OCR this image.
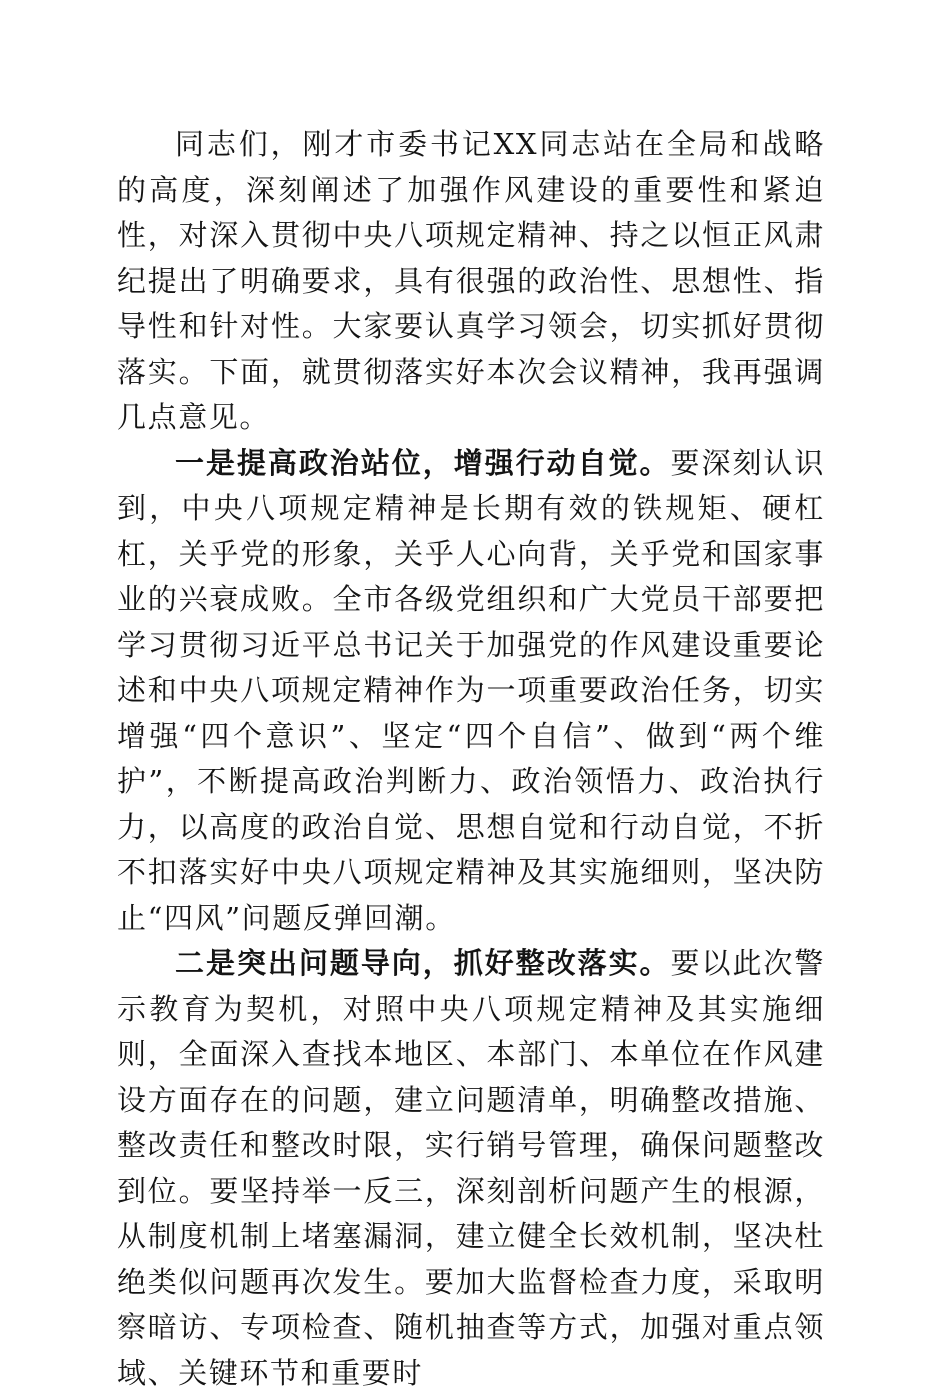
同志们，刚才市委书记XX同志站在全局和战略的高度，深刻阐述了加强作风建设的重要性和紧迫性，对深入贯彻中央八项规定精神、持之以恒正风肃纪提出了明确要求，具有很强的政治性、思想性、指导性和针对性。大家要认真学习领会，切实抓好贯彻落实。下面，就贯彻落实好本次会议精神，我再强调几点意见。

一是提高政治站位，增强行动自觉。要深刻认识到，中央八项规定精神是长期有效的铁规矩、硬杠杠，关乎党的形象，关乎人心向背，关乎党和国家事业的兴衰成败。全市各级党组织和广大党员干部要把学习贯彻习近平总书记关于加强党的作风建设重要论述和中央八项规定精神作为一项重要政治任务，切实增强“四个意识”、坚定“四个自信”、做到“两个维护”，不断提高政治判断力、政治领悟力、政治执行力，以高度的政治自觉、思想自觉和行动自觉，不折不扣落实好中央八项规定精神及其实施细则，坚决防止“四风”问题反弹回潮。

二是突出问题导向，抓好整改落实。要以此次警示教育为契机，对照中央八项规定精神及其实施细则，全面深入查找本地区、本部门、本单位在作风建设方面存在的问题，建立问题清单，明确整改措施、整改责任和整改时限，实行销号管理，确保问题整改到位。要坚持举一反三，深刻剖析问题产生的根源，从制度机制上堵塞漏洞，建立健全长效机制，坚决杜绝类似问题再次发生。要加大监督检查力度，采取明察暗访、专项检查、随机抽查等方式，加强对重点领域、关键环节和重要时
